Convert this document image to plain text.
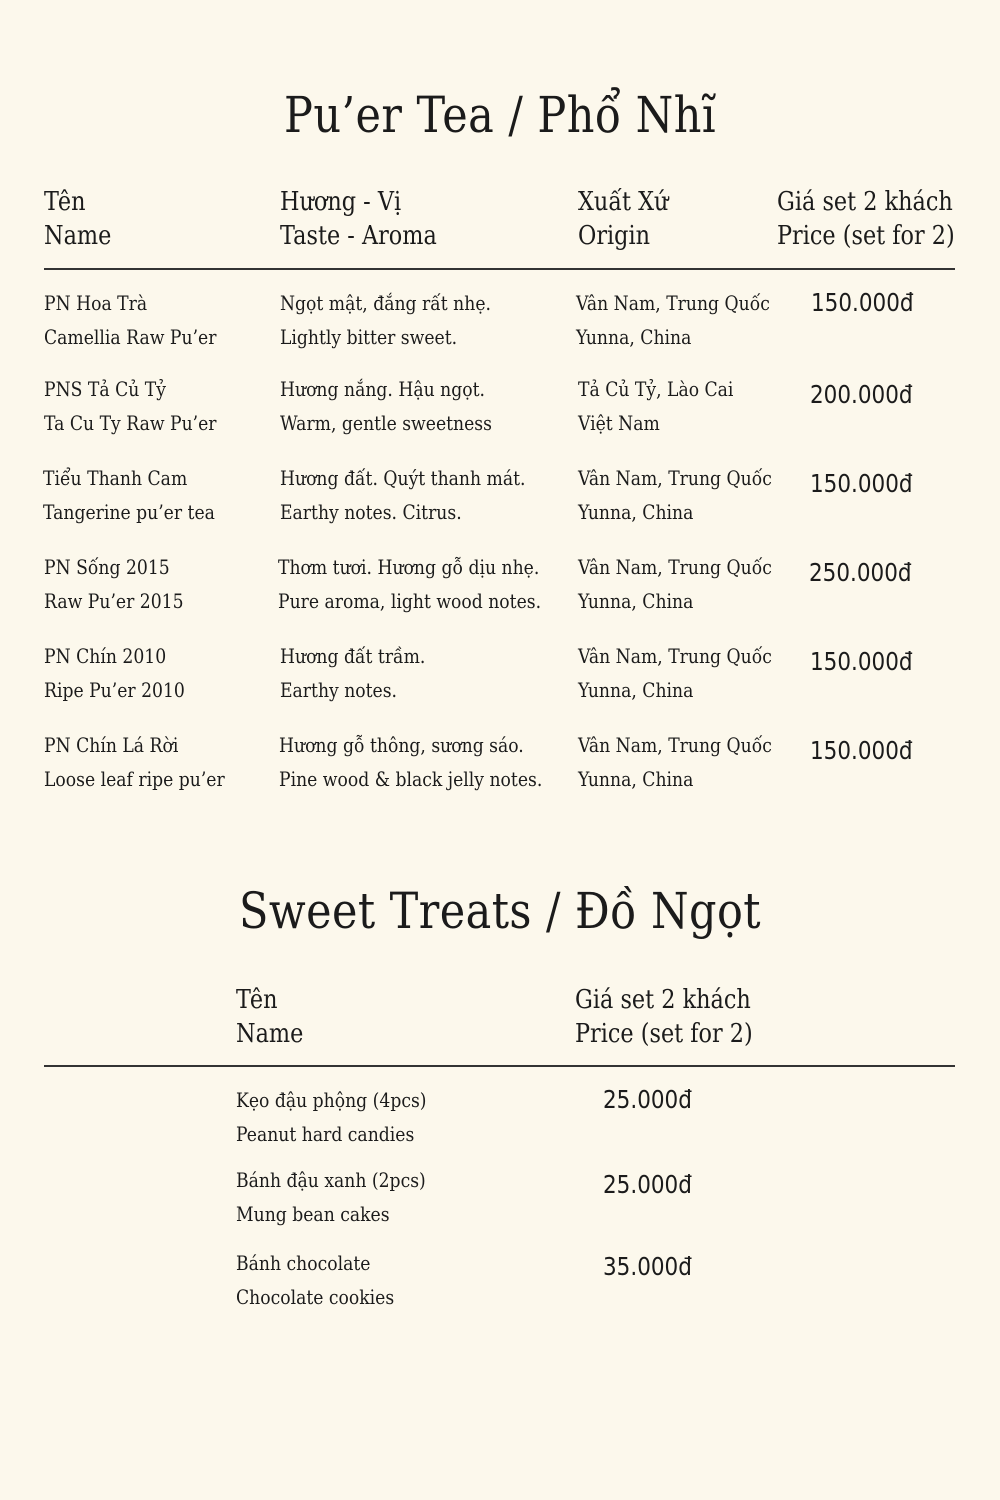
Pu’er Tea / Phổ Nhĩ
Tên
Name
Hương - Vị
Taste - Aroma
Xuất Xứ
Origin
Giá set 2 khách
Price (set for 2)
PN Hoa Trà
Camellia Raw Pu’er
Ngọt mật, đắng rất nhẹ.
Lightly bitter sweet.
Vân Nam, Trung Quốc
Yunna, China
150.000đ
PNS Tả Củ Tỷ
Ta Cu Ty Raw Pu’er
Hương nắng. Hậu ngọt.
Warm, gentle sweetness
Tả Củ Tỷ, Lào Cai
Việt Nam
200.000đ
Tiểu Thanh Cam
Tangerine pu’er tea
Hương đất. Quýt thanh mát.
Earthy notes. Citrus.
Vân Nam, Trung Quốc
Yunna, China
150.000đ
PN Sống 2015
Raw Pu’er 2015
Thơm tươi. Hương gỗ dịu nhẹ.
Pure aroma, light wood notes.
Vân Nam, Trung Quốc
Yunna, China
250.000đ
PN Chín 2010
Ripe Pu’er 2010
Hương đất trầm.
Earthy notes.
Vân Nam, Trung Quốc
Yunna, China
150.000đ
PN Chín Lá Rời
Loose leaf ripe pu’er
Hương gỗ thông, sương sáo.
Pine wood & black jelly notes.
Vân Nam, Trung Quốc
Yunna, China
150.000đ
Sweet Treats / Đồ Ngọt
Tên
Name
Giá set 2 khách
Price (set for 2)
Kẹo đậu phộng (4pcs)
Peanut hard candies
25.000đ
Bánh đậu xanh (2pcs)
Mung bean cakes
25.000đ
Bánh chocolate
Chocolate cookies
35.000đ
